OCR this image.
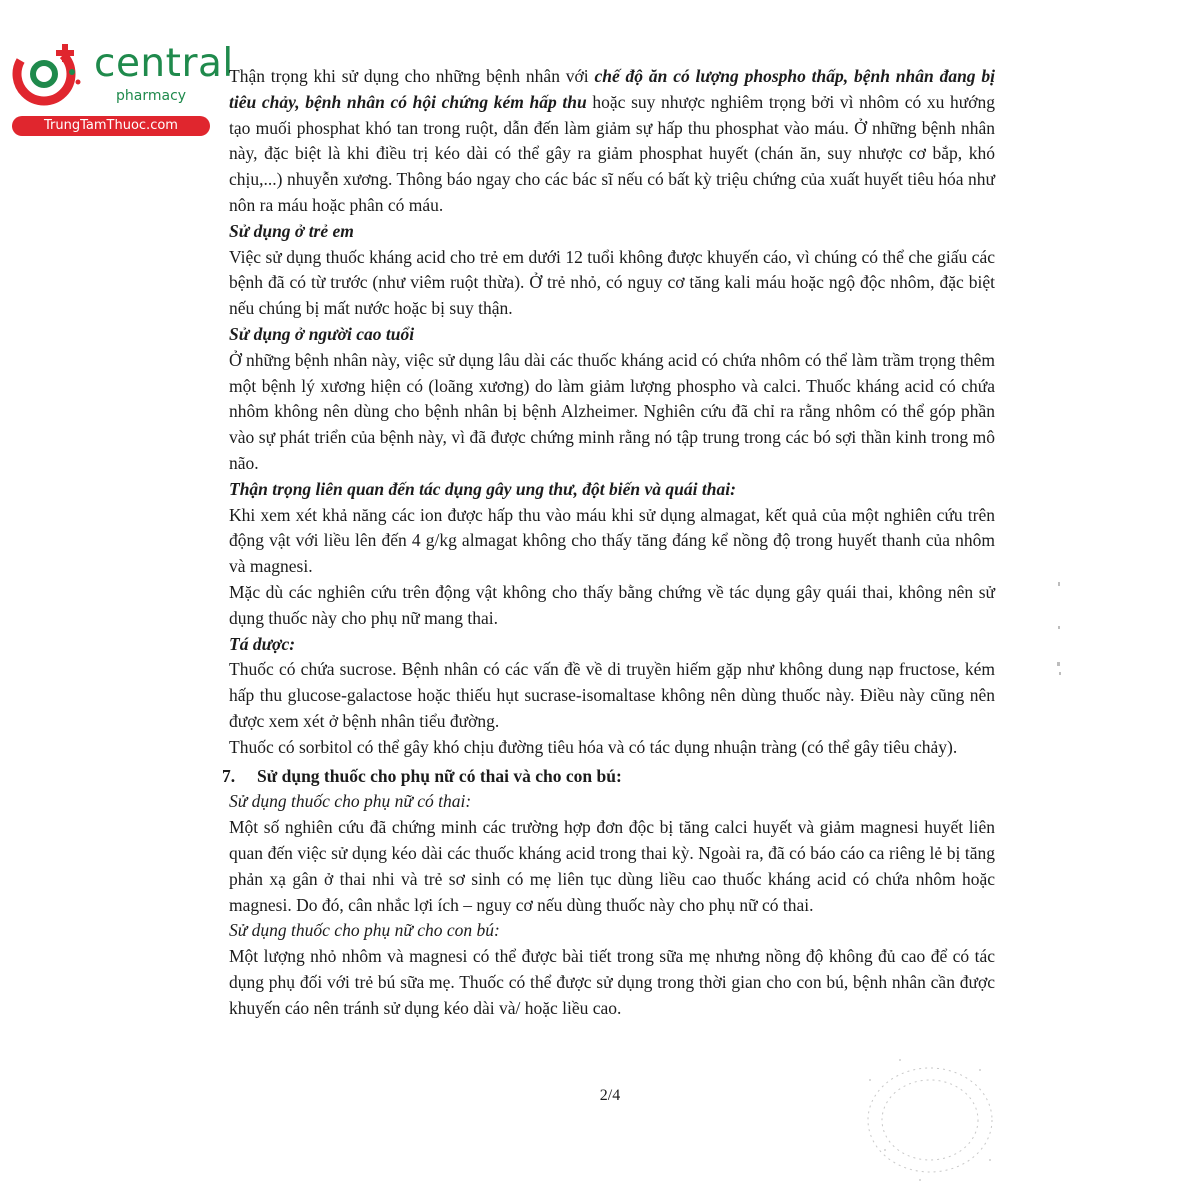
central
pharmacy
TrungTamThuoc.com

Thận trọng khi sử dụng cho những bệnh nhân với chế độ ăn có lượng phospho thấp, bệnh nhân đang bị tiêu chảy, bệnh nhân có hội chứng kém hấp thu hoặc suy nhược nghiêm trọng bởi vì nhôm có xu hướng tạo muối phosphat khó tan trong ruột, dẫn đến làm giảm sự hấp thu phosphat vào máu. Ở những bệnh nhân này, đặc biệt là khi điều trị kéo dài có thể gây ra giảm phosphat huyết (chán ăn, suy nhược cơ bắp, khó chịu,...) nhuyễn xương. Thông báo ngay cho các bác sĩ nếu có bất kỳ triệu chứng của xuất huyết tiêu hóa như nôn ra máu hoặc phân có máu.

Sử dụng ở trẻ em

Việc sử dụng thuốc kháng acid cho trẻ em dưới 12 tuổi không được khuyến cáo, vì chúng có thể che giấu các bệnh đã có từ trước (như viêm ruột thừa). Ở trẻ nhỏ, có nguy cơ tăng kali máu hoặc ngộ độc nhôm, đặc biệt nếu chúng bị mất nước hoặc bị suy thận.

Sử dụng ở người cao tuổi

Ở những bệnh nhân này, việc sử dụng lâu dài các thuốc kháng acid có chứa nhôm có thể làm trầm trọng thêm một bệnh lý xương hiện có (loãng xương) do làm giảm lượng phospho và calci. Thuốc kháng acid có chứa nhôm không nên dùng cho bệnh nhân bị bệnh Alzheimer. Nghiên cứu đã chỉ ra rằng nhôm có thể góp phần vào sự phát triển của bệnh này, vì đã được chứng minh rằng nó tập trung trong các bó sợi thần kinh trong mô não.

Thận trọng liên quan đến tác dụng gây ung thư, đột biến và quái thai:

Khi xem xét khả năng các ion được hấp thu vào máu khi sử dụng almagat, kết quả của một nghiên cứu trên động vật với liều lên đến 4 g/kg almagat không cho thấy tăng đáng kể nồng độ trong huyết thanh của nhôm và magnesi.

Mặc dù các nghiên cứu trên động vật không cho thấy bằng chứng về tác dụng gây quái thai, không nên sử dụng thuốc này cho phụ nữ mang thai.

Tá dược:

Thuốc có chứa sucrose. Bệnh nhân có các vấn đề về di truyền hiếm gặp như không dung nạp fructose, kém hấp thu glucose-galactose hoặc thiếu hụt sucrase-isomaltase không nên dùng thuốc này. Điều này cũng nên được xem xét ở bệnh nhân tiểu đường.

Thuốc có sorbitol có thể gây khó chịu đường tiêu hóa và có tác dụng nhuận tràng (có thể gây tiêu chảy).

7. Sử dụng thuốc cho phụ nữ có thai và cho con bú:

Sử dụng thuốc cho phụ nữ có thai:

Một số nghiên cứu đã chứng minh các trường hợp đơn độc bị tăng calci huyết và giảm magnesi huyết liên quan đến việc sử dụng kéo dài các thuốc kháng acid trong thai kỳ. Ngoài ra, đã có báo cáo ca riêng lẻ bị tăng phản xạ gân ở thai nhi và trẻ sơ sinh có mẹ liên tục dùng liều cao thuốc kháng acid có chứa nhôm hoặc magnesi. Do đó, cân nhắc lợi ích – nguy cơ nếu dùng thuốc này cho phụ nữ có thai.

Sử dụng thuốc cho phụ nữ cho con bú:

Một lượng nhỏ nhôm và magnesi có thể được bài tiết trong sữa mẹ nhưng nồng độ không đủ cao để có tác dụng phụ đối với trẻ bú sữa mẹ. Thuốc có thể được sử dụng trong thời gian cho con bú, bệnh nhân cần được khuyến cáo nên tránh sử dụng kéo dài và/ hoặc liều cao.

2/4
